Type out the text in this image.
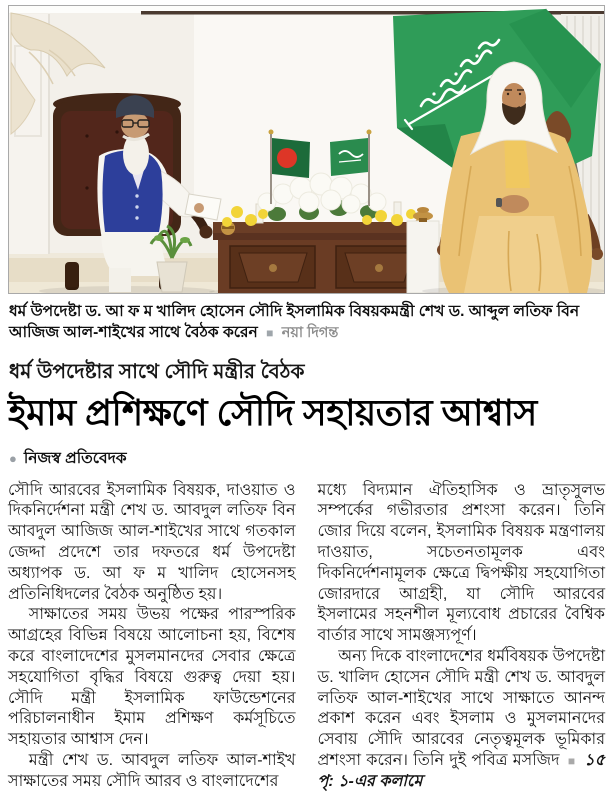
ধর্ম উপদেষ্টা ড. আ ফ ম খালিদ হোসেন সৌদি ইসলামিক বিষয়কমন্ত্রী শেখ ড. আব্দুল লতিফ বিন আজিজ আল-শাইখের সাথে বৈঠক করেন ■ নয়া দিগন্ত
ধর্ম উপদেষ্টার সাথে সৌদি মন্ত্রীর বৈঠক
ইমাম প্রশিক্ষণে সৌদি সহায়তার আশ্বাস
● নিজস্ব প্রতিবেদক

সৌদি আরবের ইসলামিক বিষয়ক, দাওয়াত ও দিকনির্দেশনা মন্ত্রী শেখ ড. আবদুল লতিফ বিন আবদুল আজিজ আল-শাইখের সাথে গতকাল জেদ্দা প্রদেশে তার দফতরে ধর্ম উপদেষ্টা অধ্যাপক ড. আ ফ ম খালিদ হোসেনসহ প্রতিনিধিদলের বৈঠক অনুষ্ঠিত হয়।

সাক্ষাতের সময় উভয় পক্ষের পারস্পরিক আগ্রহের বিভিন্ন বিষয়ে আলোচনা হয়, বিশেষ করে বাংলাদেশের মুসলমানদের সেবার ক্ষেত্রে সহযোগিতা বৃদ্ধির বিষয়ে গুরুত্ব দেয়া হয়। সৌদি মন্ত্রী ইসলামিক ফাউন্ডেশনের পরিচালনাধীন ইমাম প্রশিক্ষণ কর্মসূচিতে সহায়তার আশ্বাস দেন।

মন্ত্রী শেখ ড. আবদুল লতিফ আল-শাইখ সাক্ষাতের সময় সৌদি আরব ও বাংলাদেশের

মধ্যে বিদ্যমান ঐতিহাসিক ও ভ্রাতৃসুলভ সম্পর্কের গভীরতার প্রশংসা করেন। তিনি জোর দিয়ে বলেন, ইসলামিক বিষয়ক মন্ত্রণালয় দাওয়াত, সচেতনতামূলক এবং দিকনির্দেশনামূলক ক্ষেত্রে দ্বিপক্ষীয় সহযোগিতা জোরদারে আগ্রহী, যা সৌদি আরবের ইসলামের সহনশীল মূল্যবোধ প্রচারের বৈশ্বিক বার্তার সাথে সামঞ্জস্যপূর্ণ।

অন্য দিকে বাংলাদেশের ধর্মবিষয়ক উপদেষ্টা ড. খালিদ হোসেন সৌদি মন্ত্রী শেখ ড. আবদুল লতিফ আল-শাইখের সাথে সাক্ষাতে আনন্দ প্রকাশ করেন এবং ইসলাম ও মুসলমানদের সেবায় সৌদি আরবের নেতৃত্বমূলক ভূমিকার প্রশংসা করেন। তিনি দুই পবিত্র মসজিদ ■ ১৫ পৃ: ১-এর কলামে
